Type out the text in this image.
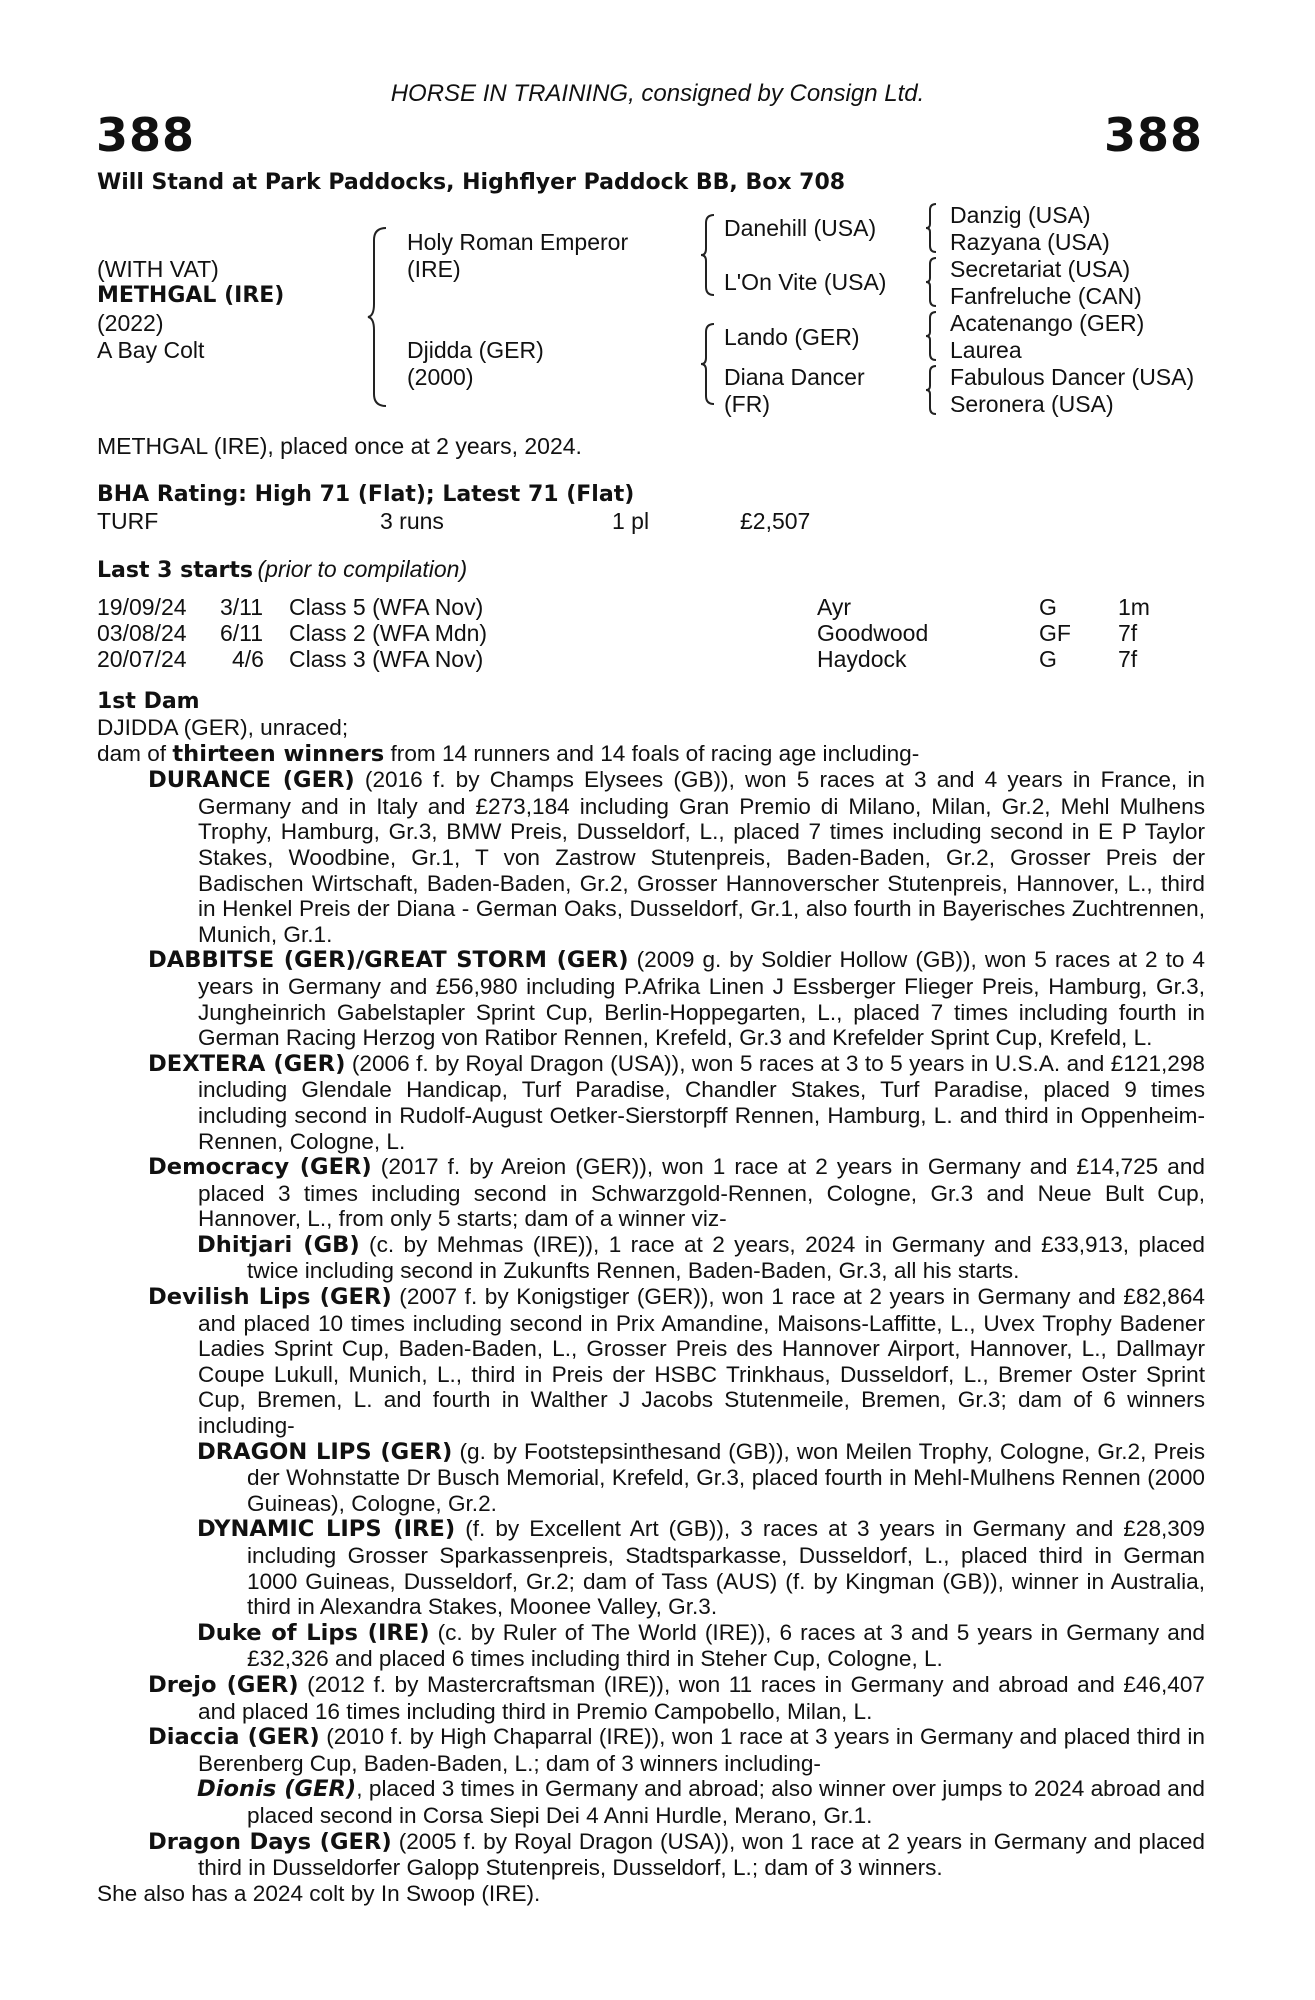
HORSE IN TRAINING, consigned by Consign Ltd.
388	388
Will Stand at Park Paddocks, Highflyer Paddock BB, Box 708
(WITH VAT)
METHGAL (IRE)
(2022)
A Bay Colt
Holy Roman Emperor
(IRE)
Djidda (GER)
(2000)
Danehill (USA)
L'On Vite (USA)
Lando (GER)
Diana Dancer
(FR)
Danzig (USA)
Razyana (USA)
Secretariat (USA)
Fanfreluche (CAN)
Acatenango (GER)
Laurea
Fabulous Dancer (USA)
Seronera (USA)
METHGAL (IRE), placed once at 2 years, 2024.
BHA Rating: High 71 (Flat); Latest 71 (Flat)
TURF	3 runs	1 pl	£2,507
Last 3 starts (prior to compilation)
19/09/24 3/11 Class 5 (WFA Nov)	Ayr	G	1m
03/08/24 6/11 Class 2 (WFA Mdn)	Goodwood	GF 7f
20/07/24 4/6 Class 3 (WFA Nov)	Haydock	G	7f

1st Dam

DJIDDA (GER), unraced;

dam of thirteen winners from 14 runners and 14 foals of racing age including-

DURANCE (GER) (2016 f. by Champs Elysees (GB)), won 5 races at 3 and 4 years in France, in Germany and in Italy and £273,184 including Gran Premio di Milano, Milan, Gr.2, Mehl Mulhens Trophy, Hamburg, Gr.3, BMW Preis, Dusseldorf, L., placed 7 times including second in E P Taylor Stakes, Woodbine, Gr.1, T von Zastrow Stutenpreis, Baden-Baden, Gr.2, Grosser Preis der Badischen Wirtschaft, Baden-Baden, Gr.2, Grosser Hannoverscher Stutenpreis, Hannover, L., third in Henkel Preis der Diana - German Oaks, Dusseldorf, Gr.1, also fourth in Bayerisches Zuchtrennen, Munich, Gr.1.

DABBITSE (GER)/GREAT STORM (GER) (2009 g. by Soldier Hollow (GB)), won 5 races at 2 to 4 years in Germany and £56,980 including P.Afrika Linen J Essberger Flieger Preis, Hamburg, Gr.3, Jungheinrich Gabelstapler Sprint Cup, Berlin-Hoppegarten, L., placed 7 times including fourth in German Racing Herzog von Ratibor Rennen, Krefeld, Gr.3 and Krefelder Sprint Cup, Krefeld, L.

DEXTERA (GER) (2006 f. by Royal Dragon (USA)), won 5 races at 3 to 5 years in U.S.A. and £121,298 including Glendale Handicap, Turf Paradise, Chandler Stakes, Turf Paradise, placed 9 times including second in Rudolf-August Oetker-Sierstorpff Rennen, Hamburg, L. and third in Oppenheim-Rennen, Cologne, L.

Democracy (GER) (2017 f. by Areion (GER)), won 1 race at 2 years in Germany and £14,725 and placed 3 times including second in Schwarzgold-Rennen, Cologne, Gr.3 and Neue Bult Cup, Hannover, L., from only 5 starts; dam of a winner viz-

Dhitjari (GB) (c. by Mehmas (IRE)), 1 race at 2 years, 2024 in Germany and £33,913, placed twice including second in Zukunfts Rennen, Baden-Baden, Gr.3, all his starts.

Devilish Lips (GER) (2007 f. by Konigstiger (GER)), won 1 race at 2 years in Germany and £82,864 and placed 10 times including second in Prix Amandine, Maisons-Laffitte, L., Uvex Trophy Badener Ladies Sprint Cup, Baden-Baden, L., Grosser Preis des Hannover Airport, Hannover, L., Dallmayr Coupe Lukull, Munich, L., third in Preis der HSBC Trinkhaus, Dusseldorf, L., Bremer Oster Sprint Cup, Bremen, L. and fourth in Walther J Jacobs Stutenmeile, Bremen, Gr.3; dam of 6 winners including-

DRAGON LIPS (GER) (g. by Footstepsinthesand (GB)), won Meilen Trophy, Cologne, Gr.2, Preis der Wohnstatte Dr Busch Memorial, Krefeld, Gr.3, placed fourth in Mehl-Mulhens Rennen (2000 Guineas), Cologne, Gr.2.

DYNAMIC LIPS (IRE) (f. by Excellent Art (GB)), 3 races at 3 years in Germany and £28,309 including Grosser Sparkassenpreis, Stadtsparkasse, Dusseldorf, L., placed third in German 1000 Guineas, Dusseldorf, Gr.2; dam of Tass (AUS) (f. by Kingman (GB)), winner in Australia, third in Alexandra Stakes, Moonee Valley, Gr.3.

Duke of Lips (IRE) (c. by Ruler of The World (IRE)), 6 races at 3 and 5 years in Germany and £32,326 and placed 6 times including third in Steher Cup, Cologne, L.

Drejo (GER) (2012 f. by Mastercraftsman (IRE)), won 11 races in Germany and abroad and £46,407 and placed 16 times including third in Premio Campobello, Milan, L.

Diaccia (GER) (2010 f. by High Chaparral (IRE)), won 1 race at 3 years in Germany and placed third in Berenberg Cup, Baden-Baden, L.; dam of 3 winners including-

Dionis (GER), placed 3 times in Germany and abroad; also winner over jumps to 2024 abroad and placed second in Corsa Siepi Dei 4 Anni Hurdle, Merano, Gr.1.

Dragon Days (GER) (2005 f. by Royal Dragon (USA)), won 1 race at 2 years in Germany and placed third in Dusseldorfer Galopp Stutenpreis, Dusseldorf, L.; dam of 3 winners.

She also has a 2024 colt by In Swoop (IRE).
